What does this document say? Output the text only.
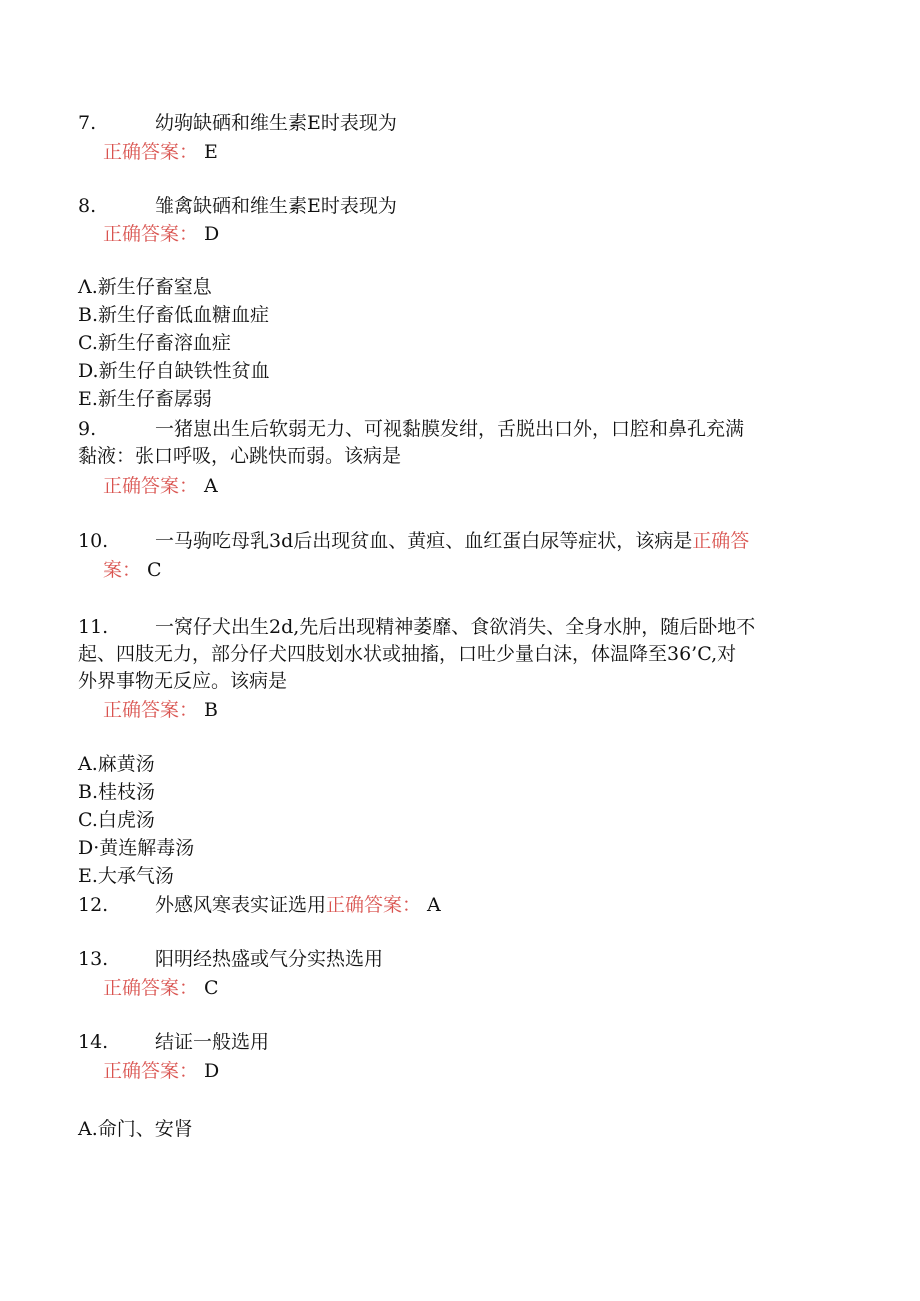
7.	幼驹缺硒和维生素E时表现为
正确答案： E
8.	雏禽缺硒和维生素E时表现为
正确答案： D
Λ.新生仔畜窒息
B.新生仔畜低血糖血症
C.新生仔畜溶血症
D.新生仔自缺铁性贫血
E.新生仔畜孱弱
9.	一猪崽出生后软弱无力、可视黏膜发绀，舌脱出口外，口腔和鼻孔充满
黏液：张口呼吸，心跳快而弱。该病是
正确答案： A
10. 一马驹吃母乳3d后出现贫血、黄疸、血红蛋白尿等症状，该病是正确答
案： C
11. 一窝仔犬出生2d,先后出现精神萎靡、食欲消失、全身水肿，随后卧地不
起、四肢无力，部分仔犬四肢划水状或抽搐，口吐少量白沫，体温降至36’C,对
外界事物无反应。该病是
正确答案： B
A.麻黄汤
B.桂枝汤
C.白虎汤
D·黄连解毒汤
E.大承气汤
12. 外感风寒表实证选用正确答案： A
13. 阳明经热盛或气分实热选用
正确答案： C
14. 结证一般选用
正确答案： D
A.命门、安肾
